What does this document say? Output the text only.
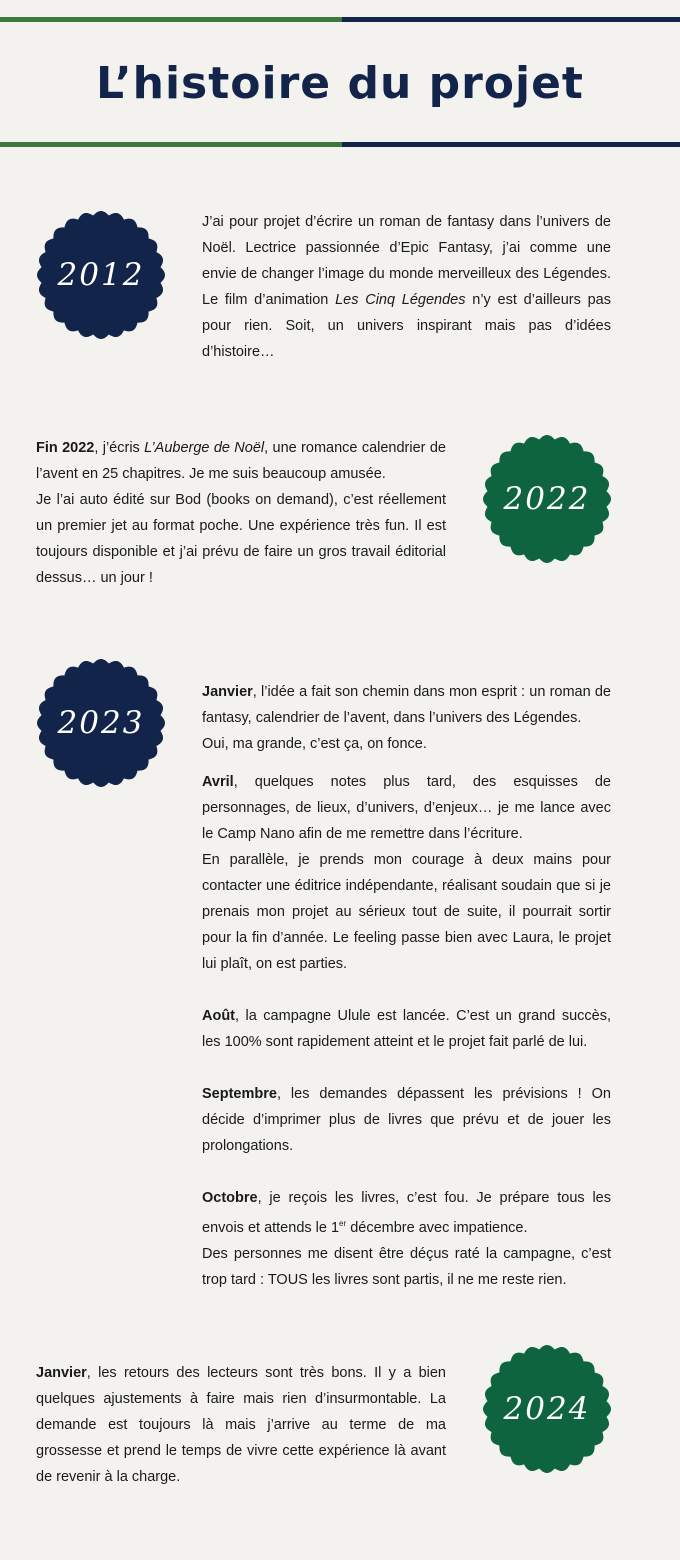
L’histoire du projet
2012

J’ai pour projet d’écrire un roman de fantasy dans l’univers de Noël. Lectrice passionnée d’Epic Fantasy, j’ai comme une envie de changer l’image du monde merveilleux des Légendes. Le film d’animation Les Cinq Légendes n’y est d’ailleurs pas pour rien. Soit, un univers inspirant mais pas d’idées d’histoire…

Fin 2022, j’écris L’Auberge de Noël, une romance calendrier de l’avent en 25 chapitres. Je me suis beaucoup amusée.

Je l’ai auto édité sur Bod (books on demand), c’est réellement un premier jet au format poche. Une expérience très fun. Il est toujours disponible et j’ai prévu de faire un gros travail éditorial dessus… un jour !

2022
2023

Janvier, l’idée a fait son chemin dans mon esprit : un roman de fantasy, calendrier de l’avent, dans l’univers des Légendes.

Oui, ma grande, c’est ça, on fonce.

Avril, quelques notes plus tard, des esquisses de personnages, de lieux, d’univers, d’enjeux… je me lance avec le Camp Nano afin de me remettre dans l’écriture.

En parallèle, je prends mon courage à deux mains pour contacter une éditrice indépendante, réalisant soudain que si je prenais mon projet au sérieux tout de suite, il pourrait sortir pour la fin d’année. Le feeling passe bien avec Laura, le projet lui plaît, on est parties.

Août, la campagne Ulule est lancée. C’est un grand succès, les 100% sont rapidement atteint et le projet fait parlé de lui.

Septembre, les demandes dépassent les prévisions ! On décide d’imprimer plus de livres que prévu et de jouer les prolongations.

Octobre, je reçois les livres, c’est fou. Je prépare tous les envois et attends le 1er décembre avec impatience.

Des personnes me disent être déçus raté la campagne, c’est trop tard : TOUS les livres sont partis, il ne me reste rien.

Janvier, les retours des lecteurs sont très bons. Il y a bien quelques ajustements à faire mais rien d’insurmontable. La demande est toujours là mais j’arrive au terme de ma grossesse et prend le temps de vivre cette expérience là avant de revenir à la charge.

2024
